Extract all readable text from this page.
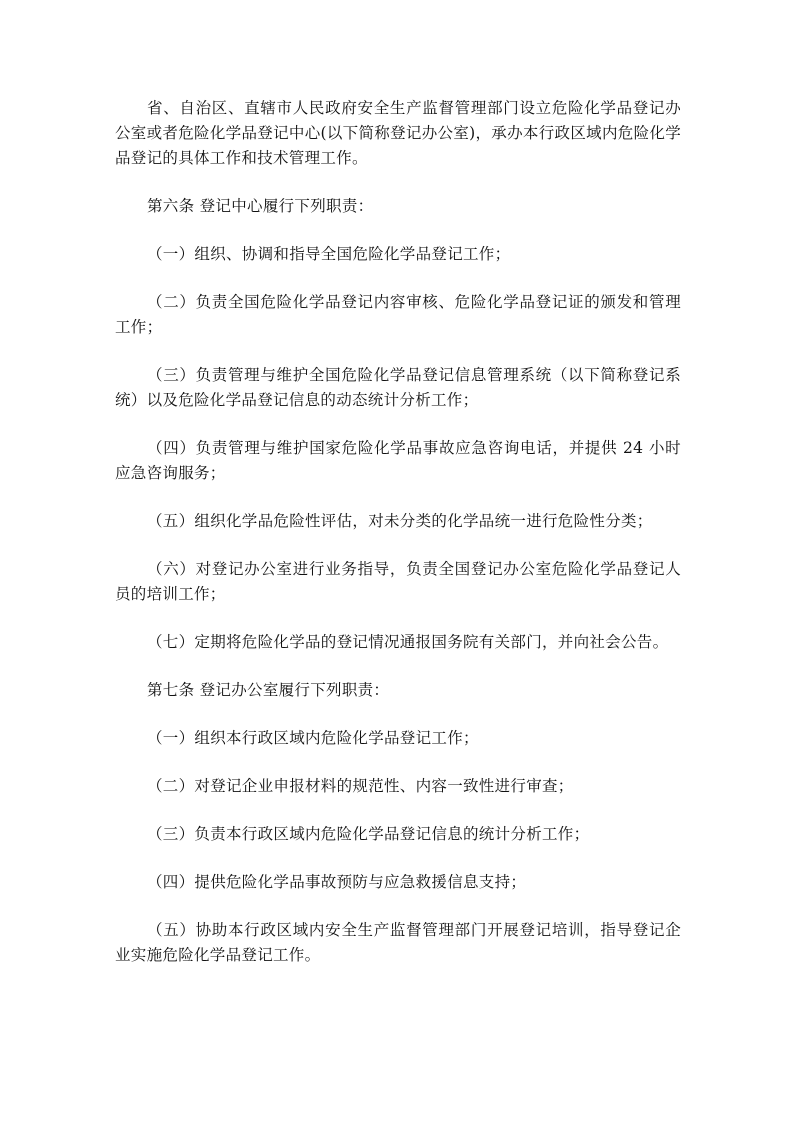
省、自治区、直辖市人民政府安全生产监督管理部门设立危险化学品登记办公室或者危险化学品登记中心(以下简称登记办公室)，承办本行政区域内危险化学品登记的具体工作和技术管理工作。

第六条 登记中心履行下列职责：

（一）组织、协调和指导全国危险化学品登记工作；

（二）负责全国危险化学品登记内容审核、危险化学品登记证的颁发和管理工作；

（三）负责管理与维护全国危险化学品登记信息管理系统（以下简称登记系统）以及危险化学品登记信息的动态统计分析工作；

（四）负责管理与维护国家危险化学品事故应急咨询电话，并提供 24 小时应急咨询服务；

（五）组织化学品危险性评估，对未分类的化学品统一进行危险性分类；

（六）对登记办公室进行业务指导，负责全国登记办公室危险化学品登记人员的培训工作；

（七）定期将危险化学品的登记情况通报国务院有关部门，并向社会公告。

第七条 登记办公室履行下列职责：

（一）组织本行政区域内危险化学品登记工作；

（二）对登记企业申报材料的规范性、内容一致性进行审查；

（三）负责本行政区域内危险化学品登记信息的统计分析工作；

（四）提供危险化学品事故预防与应急救援信息支持；

（五）协助本行政区域内安全生产监督管理部门开展登记培训，指导登记企业实施危险化学品登记工作。
